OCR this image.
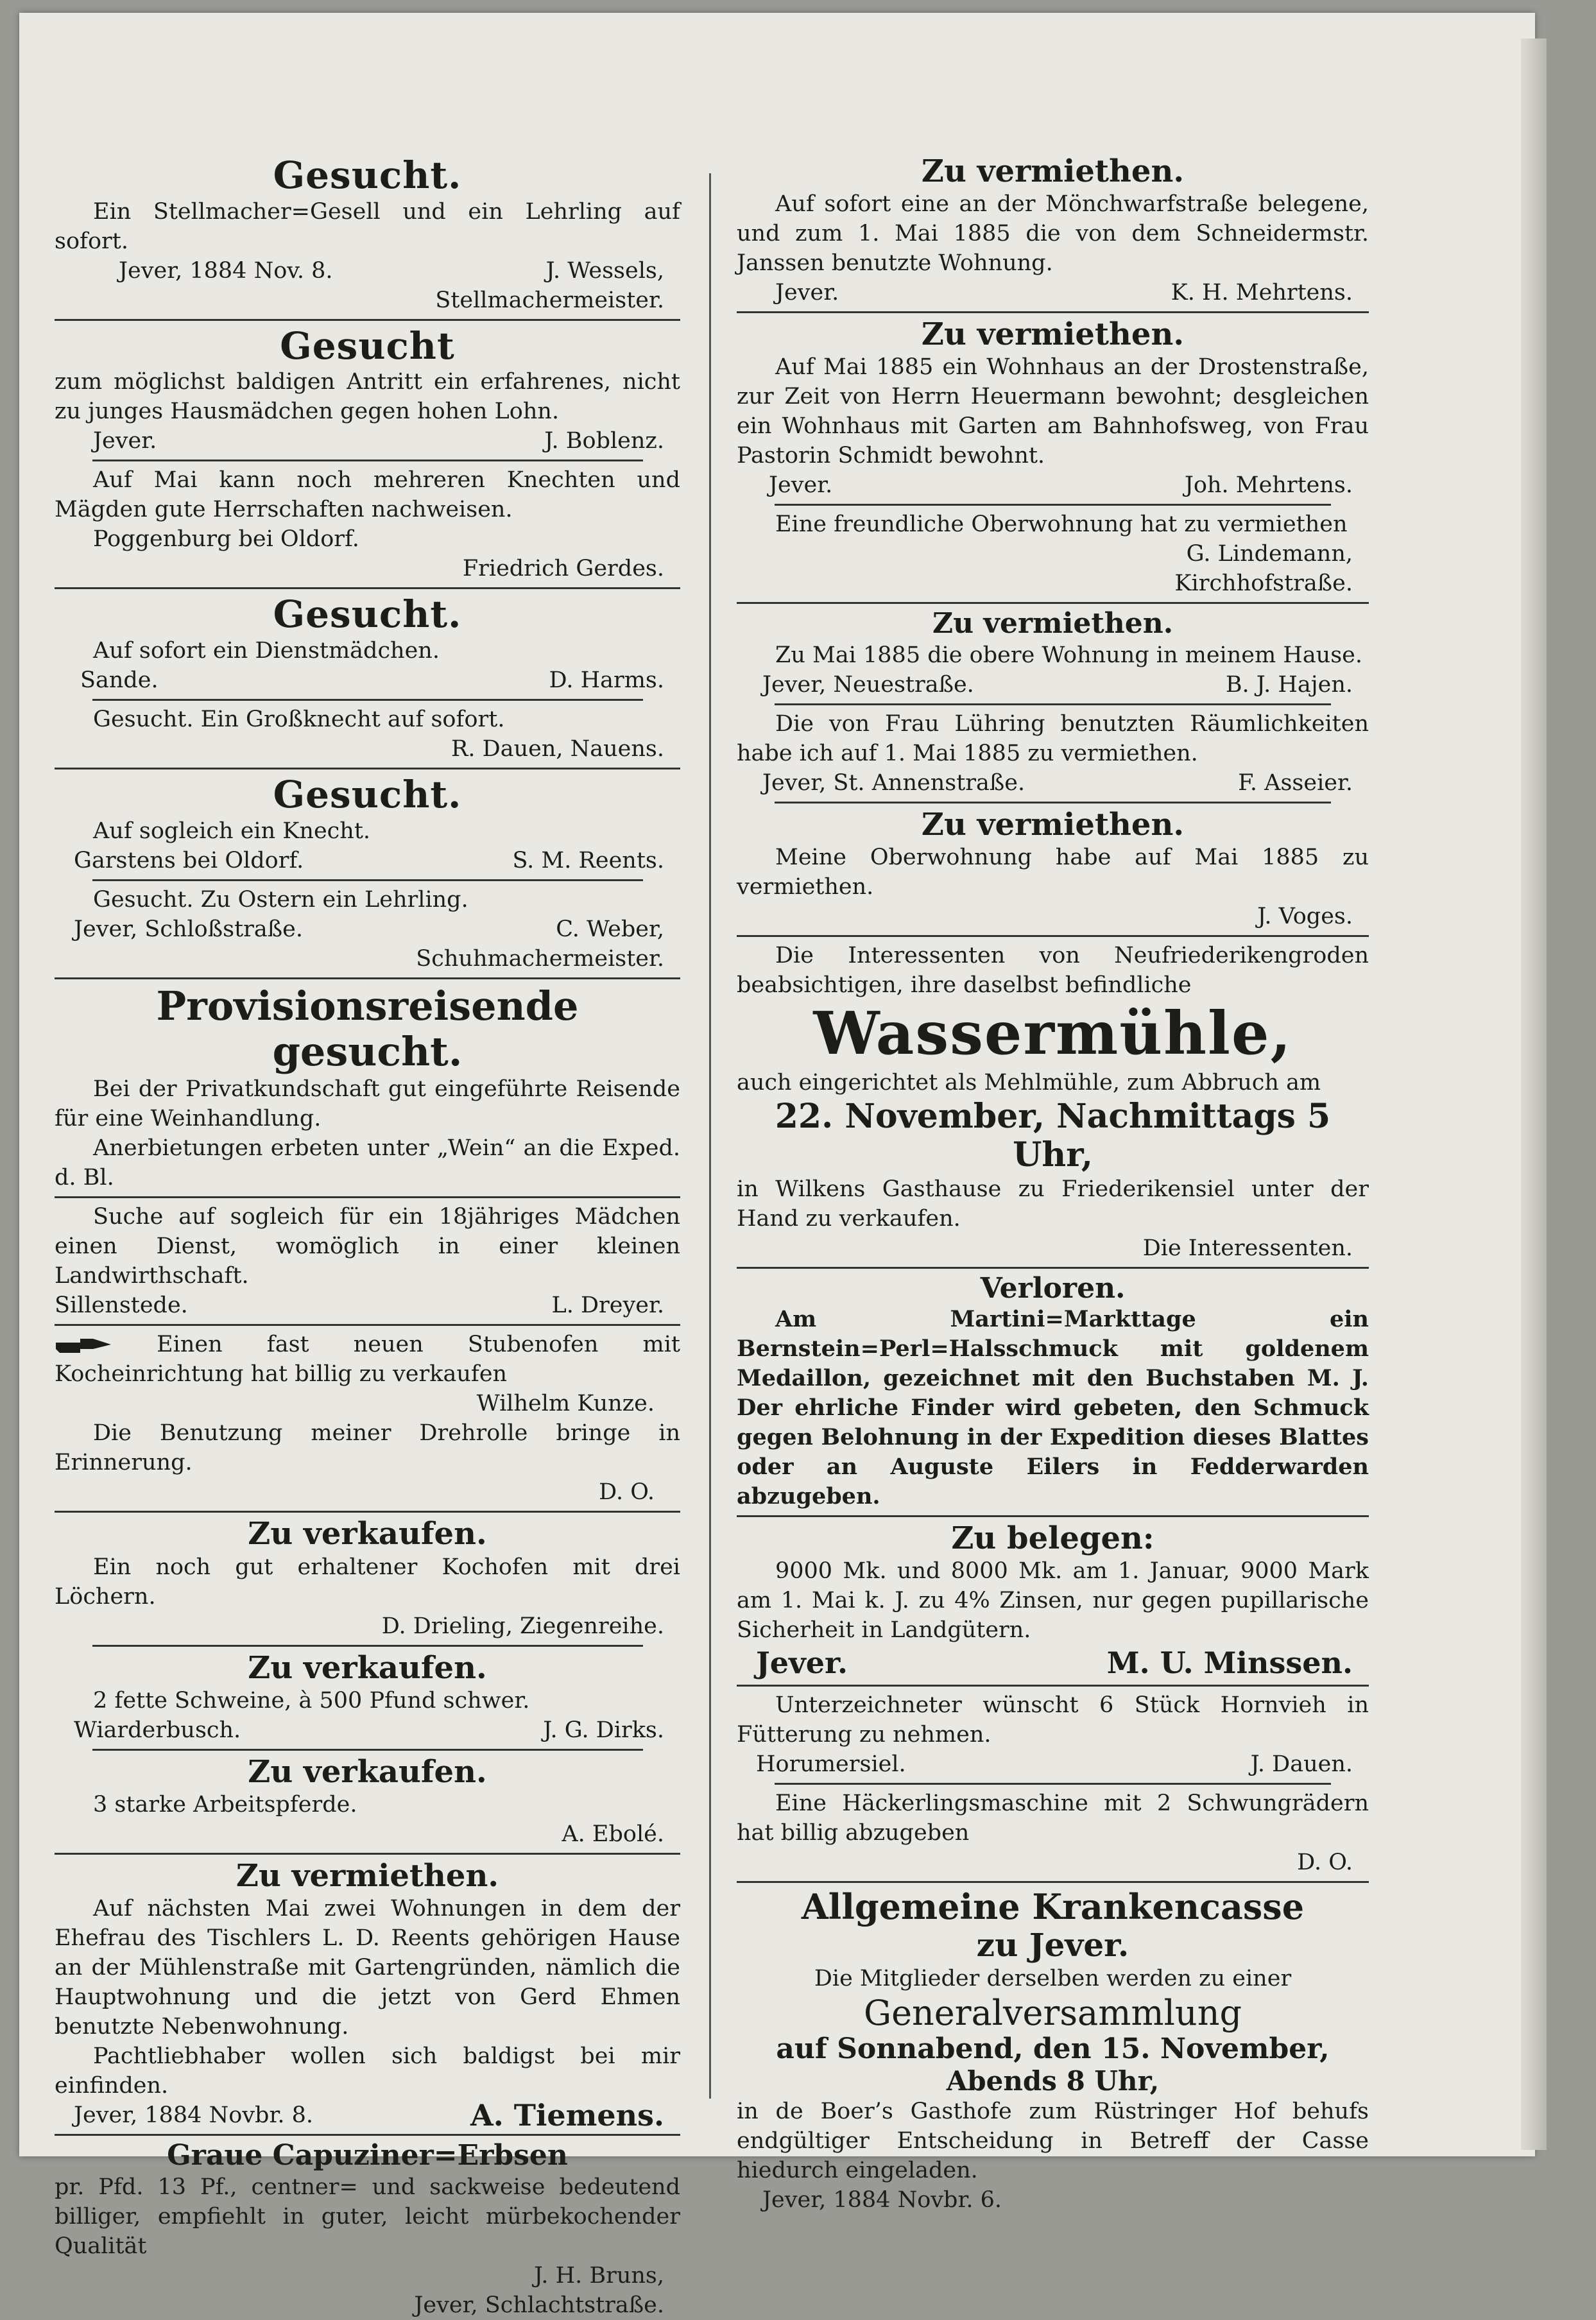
Gesucht.
Ein Stellmacher=Gesell und ein Lehrling auf sofort.
Jever, 1884 Nov. 8.	J. Wessels,
Stellmachermeister.
Gesucht
zum möglichst baldigen Antritt ein erfahrenes, nicht zu junges Hausmädchen gegen hohen Lohn.
Jever.	J. Boblenz.
Auf Mai kann noch mehreren Knechten und Mägden gute Herrschaften nachweisen.
Poggenburg bei Oldorf.
Friedrich Gerdes.
Gesucht.
Auf sofort ein Dienstmädchen.
Sande.	D. Harms.
Gesucht. Ein Großknecht auf sofort.
R. Dauen, Nauens.
Gesucht.
Auf sogleich ein Knecht.
Garstens bei Oldorf.	S. M. Reents.
Gesucht. Zu Ostern ein Lehrling.
Jever, Schloßstraße.	C. Weber,
Schuhmachermeister.
Provisionsreisende gesucht.
Bei der Privatkundschaft gut eingeführte Reisende für eine Weinhandlung.
Anerbietungen erbeten unter „Wein“ an die Exped. d. Bl.
Suche auf sogleich für ein 18jähriges Mädchen einen Dienst, womöglich in einer kleinen Landwirthschaft.
Sillenstede.	L. Dreyer.
Einen fast neuen Stubenofen mit Kocheinrichtung hat billig zu verkaufen
Wilhelm Kunze.
Die Benutzung meiner Drehrolle bringe in Erinnerung.
D. O.
Zu verkaufen.
Ein noch gut erhaltener Kochofen mit drei Löchern.
D. Drieling, Ziegenreihe.
Zu verkaufen.
2 fette Schweine, à 500 Pfund schwer.
Wiarderbusch.	J. G. Dirks.
Zu verkaufen.
3 starke Arbeitspferde.
A. Ebolé.
Zu vermiethen.
Auf nächsten Mai zwei Wohnungen in dem der Ehefrau des Tischlers L. D. Reents gehörigen Hause an der Mühlenstraße mit Gartengründen, nämlich die Hauptwohnung und die jetzt von Gerd Ehmen benutzte Nebenwohnung.
Pachtliebhaber wollen sich baldigst bei mir einfinden.
Jever, 1884 Novbr. 8.	A. Tiemens.
Graue Capuziner=Erbsen
pr. Pfd. 13 Pf., centner= und sackweise bedeutend billiger, empfiehlt in guter, leicht mürbekochender Qualität
J. H. Bruns,
Jever, Schlachtstraße.
Zu vermiethen.
Auf sofort eine an der Mönchwarfstraße belegene, und zum 1. Mai 1885 die von dem Schneidermstr. Janssen benutzte Wohnung.
Jever.	K. H. Mehrtens.
Zu vermiethen.
Auf Mai 1885 ein Wohnhaus an der Drostenstraße, zur Zeit von Herrn Heuermann bewohnt; desgleichen ein Wohnhaus mit Garten am Bahnhofsweg, von Frau Pastorin Schmidt bewohnt.
Jever.	Joh. Mehrtens.
Eine freundliche Oberwohnung hat zu vermiethen
G. Lindemann,
Kirchhofstraße.
Zu vermiethen.
Zu Mai 1885 die obere Wohnung in meinem Hause.
Jever, Neuestraße.	B. J. Hajen.
Die von Frau Lühring benutzten Räumlichkeiten habe ich auf 1. Mai 1885 zu vermiethen.
Jever, St. Annenstraße.	F. Asseier.
Zu vermiethen.
Meine Oberwohnung habe auf Mai 1885 zu vermiethen.
J. Voges.
Die Interessenten von Neufriederikengroden beabsichtigen, ihre daselbst befindliche
Wassermühle,
auch eingerichtet als Mehlmühle, zum Abbruch am
22. November, Nachmittags 5 Uhr,
in Wilkens Gasthause zu Friederikensiel unter der Hand zu verkaufen.
Die Interessenten.
Verloren.
Am Martini=Markttage ein Bernstein=Perl=Halsschmuck mit goldenem Medaillon, gezeichnet mit den Buchstaben M. J. Der ehrliche Finder wird gebeten, den Schmuck gegen Belohnung in der Expedition dieses Blattes oder an Auguste Eilers in Fedderwarden abzugeben.
Zu belegen:
9000 Mk. und 8000 Mk. am 1. Januar, 9000 Mark am 1. Mai k. J. zu 4% Zinsen, nur gegen pupillarische Sicherheit in Landgütern.
Jever.	M. U. Minssen.
Unterzeichneter wünscht 6 Stück Hornvieh in Fütterung zu nehmen.
Horumersiel.	J. Dauen.
Eine Häckerlingsmaschine mit 2 Schwungrädern hat billig abzugeben
D. O.
Allgemeine Krankencasse
zu Jever.
Die Mitglieder derselben werden zu einer
Generalversammlung
auf Sonnabend, den 15. November,
Abends 8 Uhr,
in de Boer’s Gasthofe zum Rüstringer Hof behufs endgültiger Entscheidung in Betreff der Casse hiedurch eingeladen.
Jever, 1884 Novbr. 6.
